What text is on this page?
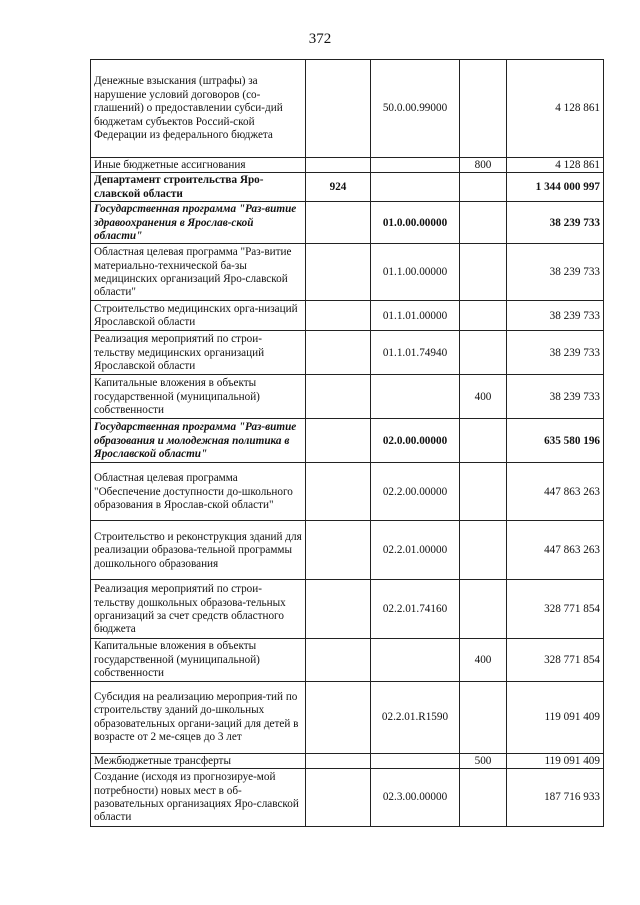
372
Денежные взыскания (штрафы) за нарушение условий договоров (со-глашений) о предоставлении субси-дий бюджетам субъектов Россий-ской Федерации из федерального бюджета		50.0.00.99000		4 128 861
Иные бюджетные ассигнования			800	4 128 861
Департамент строительства Яро-славской области	924			1 344 000 997
Государственная программа "Раз-витие здравоохранения в Ярослав-ской области"		01.0.00.00000		38 239 733
Областная целевая программа "Раз-витие материально-технической ба-зы медицинских организаций Яро-славской области"		01.1.00.00000		38 239 733
Строительство медицинских орга-низаций Ярославской области		01.1.01.00000		38 239 733
Реализация мероприятий по строи-тельству медицинских организаций Ярославской области		01.1.01.74940		38 239 733
Капитальные вложения в объекты государственной (муниципальной) собственности			400	38 239 733
Государственная программа "Раз-витие образования и молодежная политика в Ярославской области"		02.0.00.00000		635 580 196
Областная целевая программа "Обеспечение доступности до-школьного образования в Ярослав-ской области"		02.2.00.00000		447 863 263
Строительство и реконструкция зданий для реализации образова-тельной программы дошкольного образования		02.2.01.00000		447 863 263
Реализация мероприятий по строи-тельству дошкольных образова-тельных организаций за счет средств областного бюджета		02.2.01.74160		328 771 854
Капитальные вложения в объекты государственной (муниципальной) собственности			400	328 771 854
Субсидия на реализацию мероприя-тий по строительству зданий до-школьных образовательных органи-заций для детей в возрасте от 2 ме-сяцев до 3 лет		02.2.01.R1590		119 091 409
Межбюджетные трансферты			500	119 091 409
Создание (исходя из прогнозируе-мой потребности) новых мест в об-разовательных организациях Яро-славской области		02.3.00.00000		187 716 933
